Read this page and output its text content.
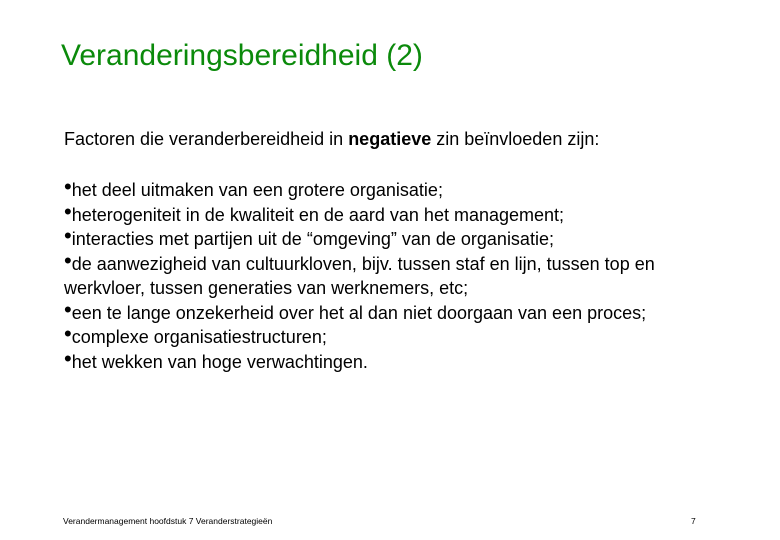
Veranderingsbereidheid (2)
Factoren die veranderbereidheid in negatieve zin beïnvloeden zijn:
•het deel uitmaken van een grotere organisatie;
•heterogeniteit in de kwaliteit en de aard van het management;
•interacties met partijen uit de “omgeving” van de organisatie;
•de aanwezigheid van cultuurkloven, bijv. tussen staf en lijn, tussen top en werkvloer, tussen generaties van werknemers, etc;
•een te lange onzekerheid over het al dan niet doorgaan van een proces;
•complexe organisatiestructuren;
•het wekken van hoge verwachtingen.
Verandermanagement hoofdstuk 7 Veranderstrategieën	7
